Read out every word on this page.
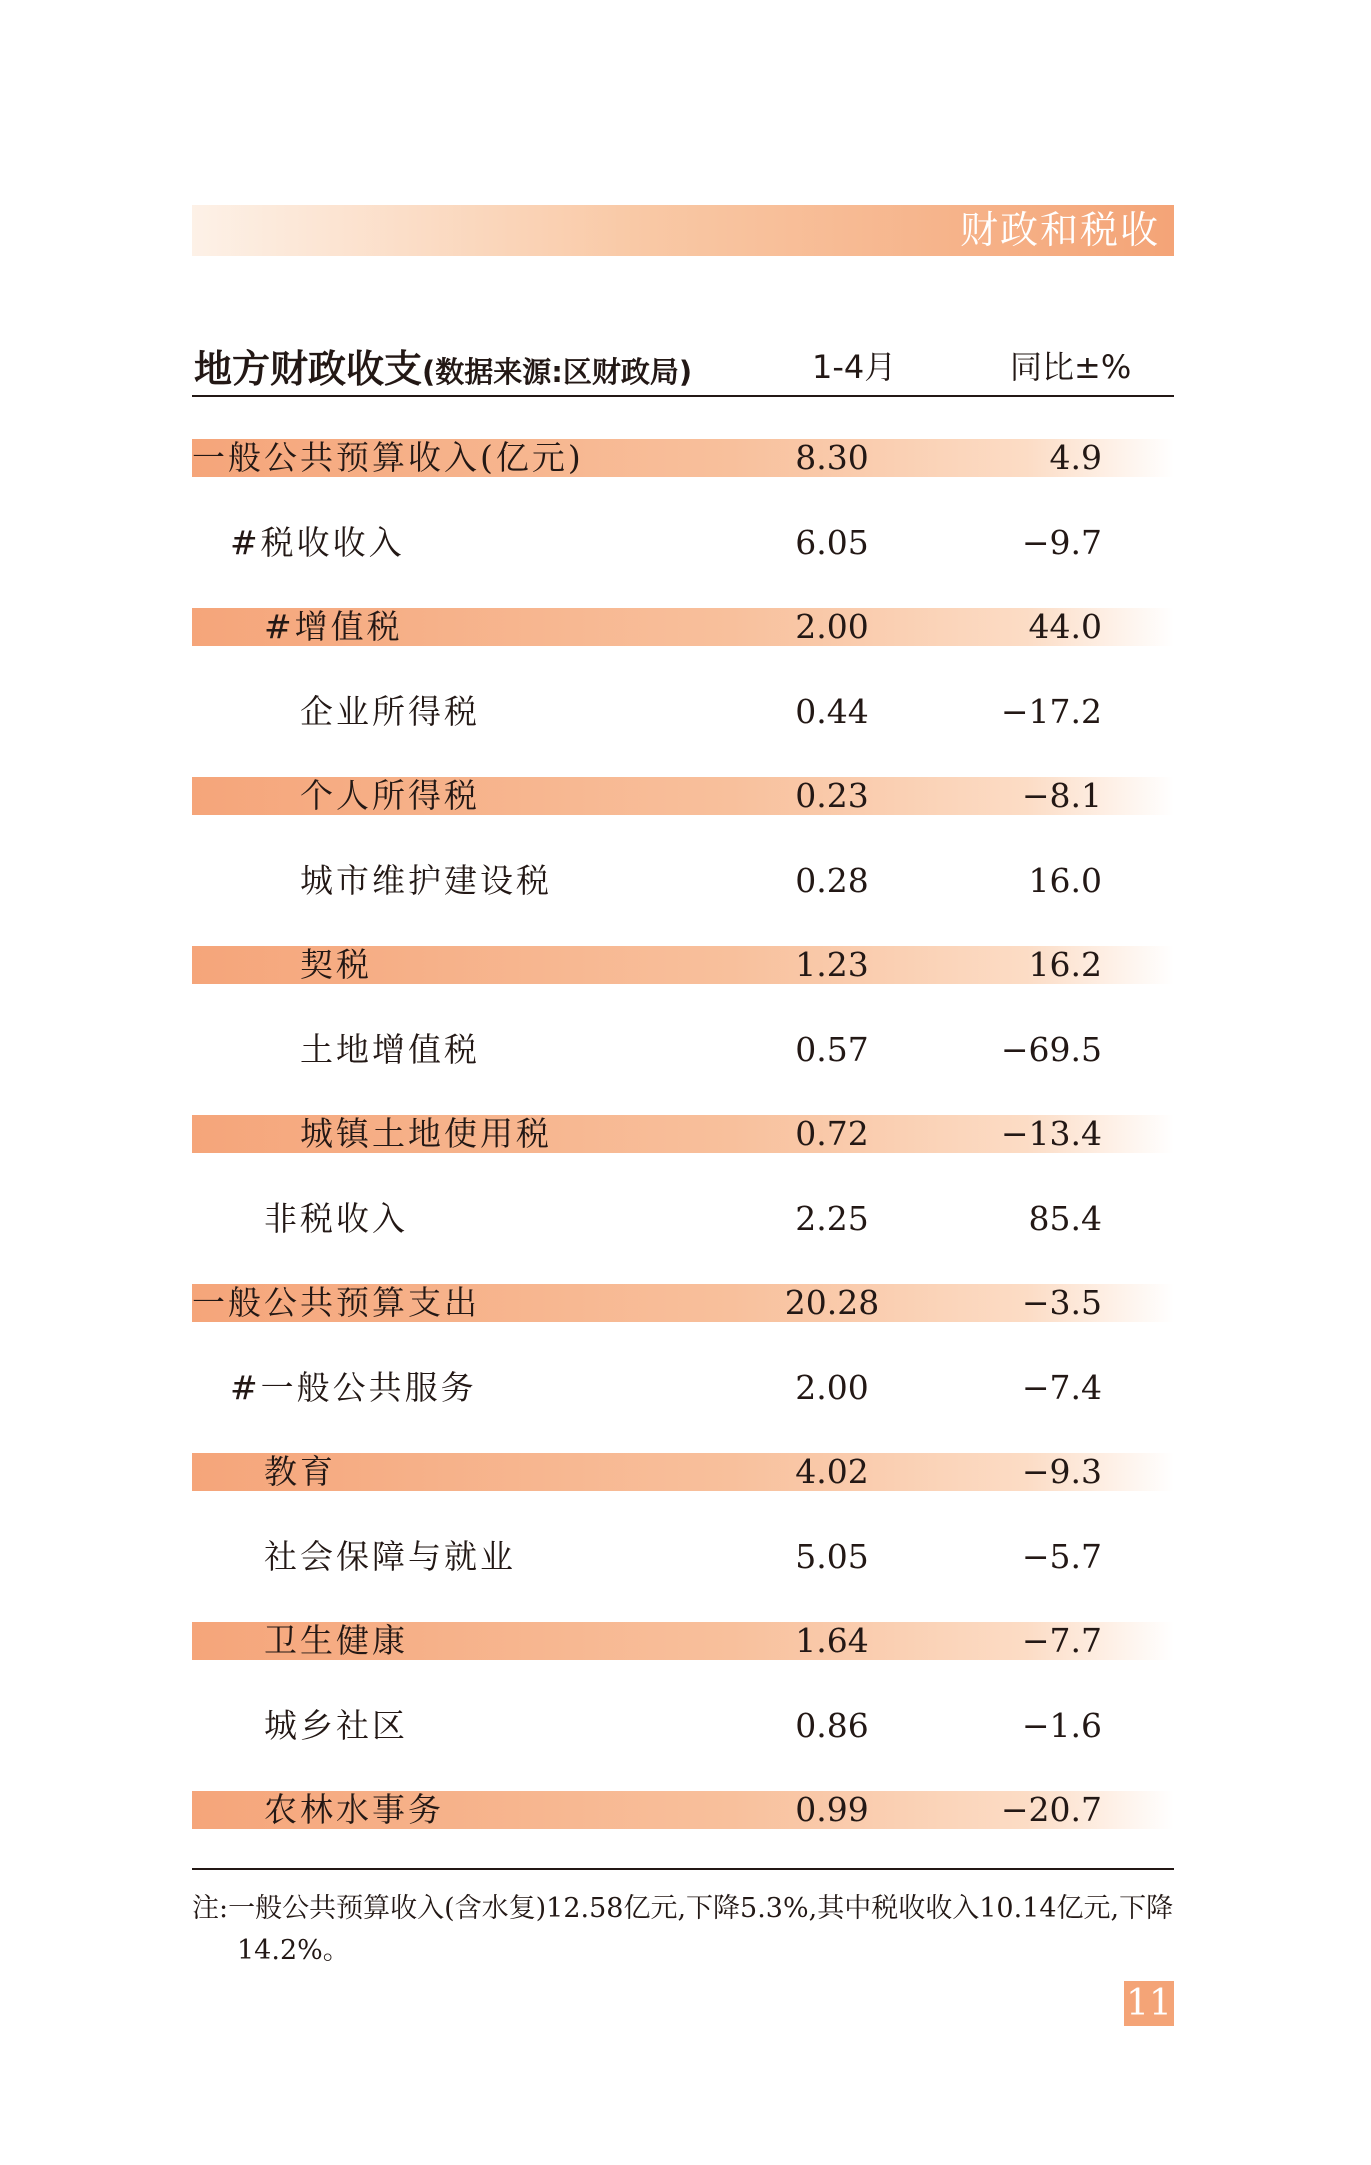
财政和税收
地方财政收支(数据来源:区财政局)	1-4月	同比±%
一般公共预算收入(亿元)	8.30	4.9
#税收收入	6.05	−9.7
#增值税	2.00	44.0
企业所得税	0.44	−17.2
个人所得税	0.23	−8.1
城市维护建设税	0.28	16.0
契税	1.23	16.2
土地增值税	0.57	−69.5
城镇土地使用税	0.72	−13.4
非税收入	2.25	85.4
一般公共预算支出	20.28	−3.5
#一般公共服务	2.00	−7.4
教育	4.02	−9.3
社会保障与就业	5.05	−5.7
卫生健康	1.64	−7.7
城乡社区	0.86	−1.6
农林水事务	0.99	−20.7
注:一般公共预算收入(含水复)12.58亿元,下降5.3%,其中税收收入10.14亿元,下降14.2%。
11
